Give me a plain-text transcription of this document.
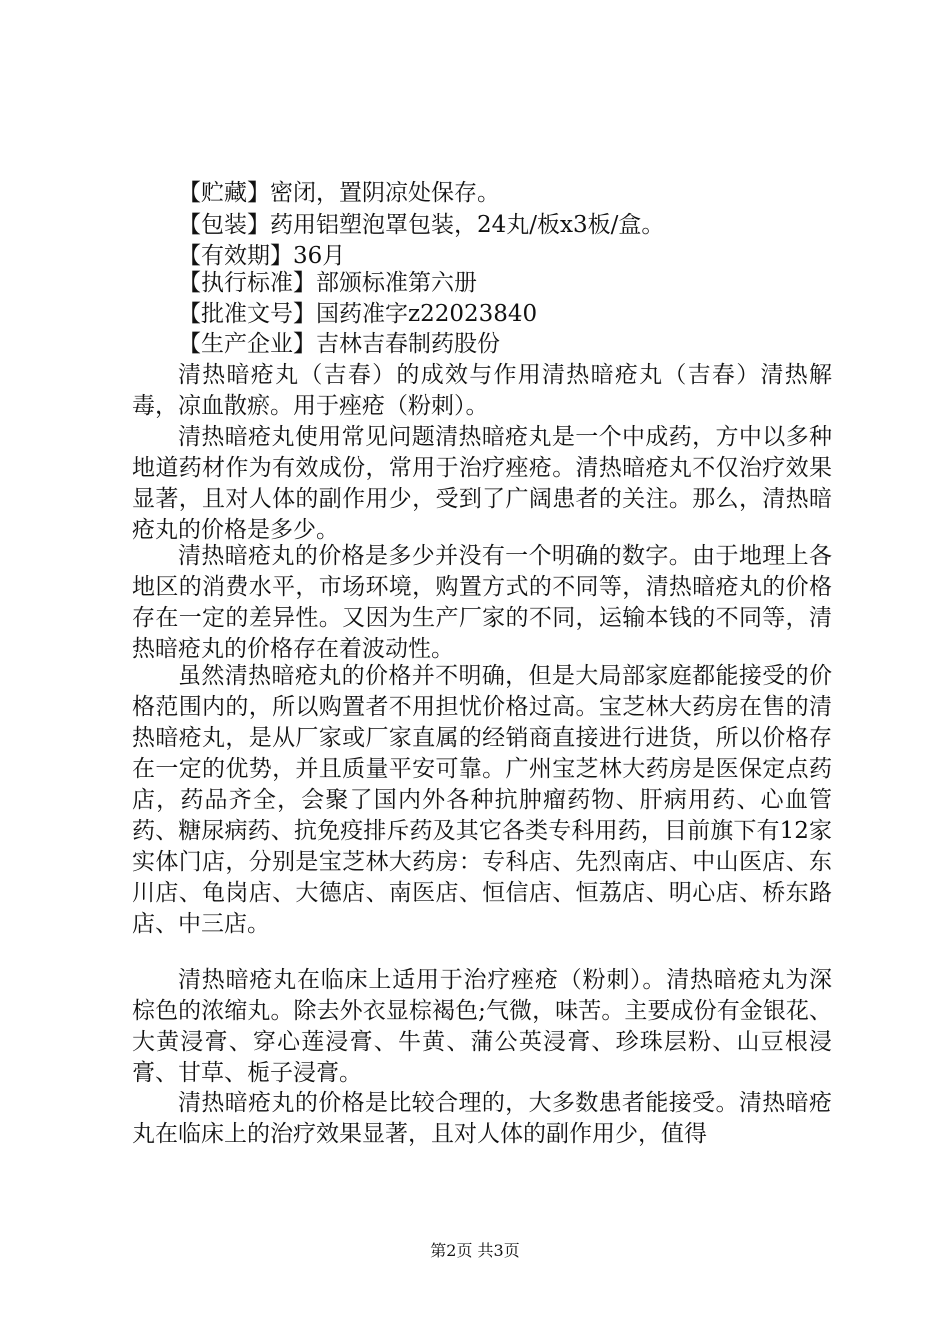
【贮藏】密闭，置阴凉处保存。

【包装】药用铝塑泡罩包装，24丸/板x3板/盒。

【有效期】36月

【执行标准】部颁标准第六册

【批准文号】国药准字z22023840

【生产企业】吉林吉春制药股份

清热暗疮丸（吉春）的成效与作用清热暗疮丸（吉春）清热解毒，凉血散瘀。用于痤疮（粉刺）。

清热暗疮丸使用常见问题清热暗疮丸是一个中成药，方中以多种地道药材作为有效成份，常用于治疗痤疮。清热暗疮丸不仅治疗效果显著，且对人体的副作用少，受到了广阔患者的关注。那么，清热暗疮丸的价格是多少。

清热暗疮丸的价格是多少并没有一个明确的数字。由于地理上各地区的消费水平，市场环境，购置方式的不同等，清热暗疮丸的价格存在一定的差异性。又因为生产厂家的不同，运输本钱的不同等，清热暗疮丸的价格存在着波动性。

虽然清热暗疮丸的价格并不明确，但是大局部家庭都能接受的价格范围内的，所以购置者不用担忧价格过高。宝芝林大药房在售的清热暗疮丸，是从厂家或厂家直属的经销商直接进行进货，所以价格存在一定的优势，并且质量平安可靠。广州宝芝林大药房是医保定点药店，药品齐全，会聚了国内外各种抗肿瘤药物、肝病用药、心血管药、糖尿病药、抗免疫排斥药及其它各类专科用药，目前旗下有12家实体门店，分别是宝芝林大药房：专科店、先烈南店、中山医店、东川店、龟岗店、大德店、南医店、恒信店、恒荔店、明心店、桥东路店、中三店。

清热暗疮丸在临床上适用于治疗痤疮（粉刺）。清热暗疮丸为深棕色的浓缩丸。除去外衣显棕褐色;气微，味苦。主要成份有金银花、大黄浸膏、穿心莲浸膏、牛黄、蒲公英浸膏、珍珠层粉、山豆根浸膏、甘草、栀子浸膏。

清热暗疮丸的价格是比较合理的，大多数患者能接受。清热暗疮丸在临床上的治疗效果显著，且对人体的副作用少，值得

第2页 共3页
